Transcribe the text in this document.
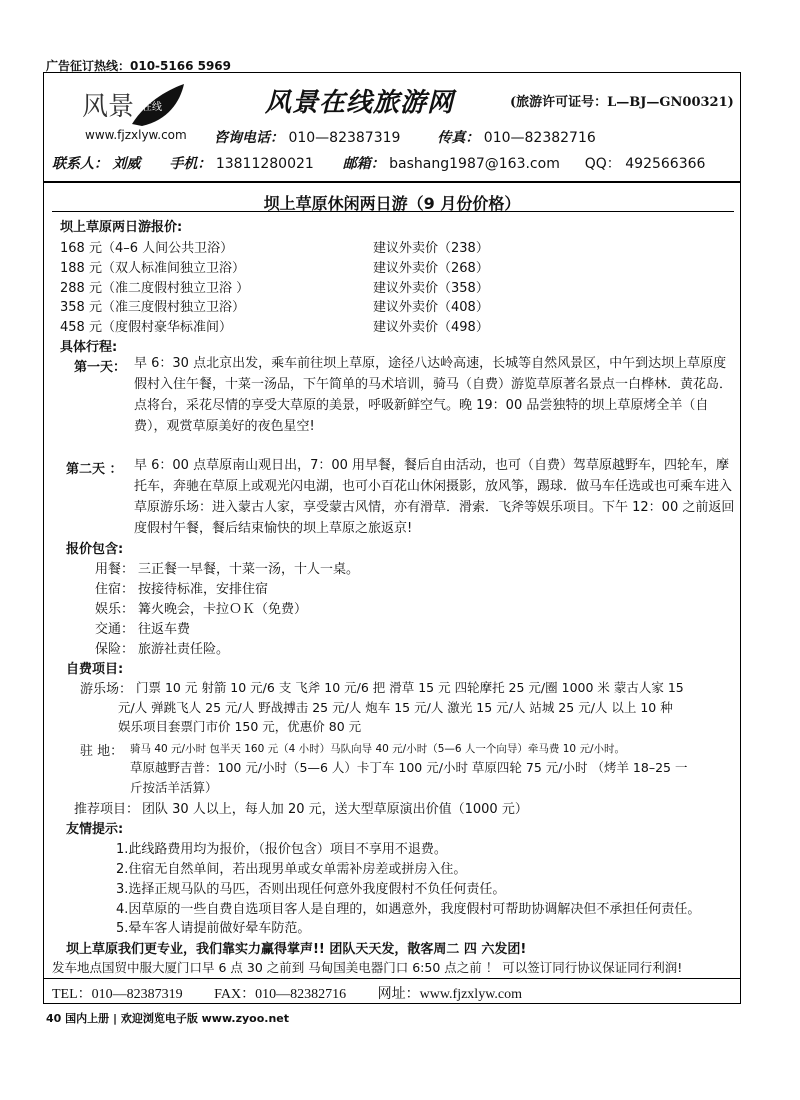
广告征订热线：010-5166 5969
风景 在线
www.fjzxlyw.com
风景在线旅游网	(旅游许可证号：L—BJ—GN00321)
咨询电话： 010—82387319	传真： 010—82382716
联系人： 刘威 手机： 13811280021 邮箱： bashang1987@163.com QQ： 492566366
坝上草原休闲两日游（9 月份价格）
坝上草原两日游报价:
168 元（4–6 人间公共卫浴）	建议外卖价（238）
188 元（双人标准间独立卫浴）	建议外卖价（268）
288 元（准二度假村独立卫浴 ）	建议外卖价（358）
358 元（准三度假村独立卫浴）	建议外卖价（408）
458 元（度假村豪华标准间）	建议外卖价（498）
具体行程:
第一天： 早 6：30 点北京出发，乘车前往坝上草原，途径八达岭高速，长城等自然风景区，中午到达坝上草原度假村入住午餐，十菜一汤品，下午简单的马术培训，骑马（自费）游览草原著名景点一白桦林．黄花岛．点将台，采花尽情的享受大草原的美景，呼吸新鲜空气。晚 19：00 品尝独特的坝上草原烤全羊（自费），观赏草原美好的夜色星空!
第二天 ： 早 6：00 点草原南山观日出，7：00 用早餐，餐后自由活动，也可（自费）驾草原越野车，四轮车，摩托车，奔驰在草原上或观光闪电湖，也可小百花山休闲摄影，放风筝，踢球．做马车任选或也可乘车进入草原游乐场：进入蒙古人家，享受蒙古风情，亦有滑草．滑索．飞斧等娱乐项目。下午 12：00 之前返回度假村午餐，餐后结束愉快的坝上草原之旅返京!
报价包含:
用餐： 三正餐一早餐，十菜一汤，十人一桌。
住宿： 按接待标准，安排住宿
娱乐： 篝火晚会，卡拉ＯＫ（免费）
交通： 往返车费
保险： 旅游社责任险。
自费项目:
游乐场： 门票 10 元 射箭 10 元/6 支 飞斧 10 元/6 把 滑草 15 元 四轮摩托 25 元/圈 1000 米 蒙古人家 15
元/人 弹跳飞人 25 元/人 野战搏击 25 元/人 炮车 15 元/人 激光 15 元/人 站城 25 元/人 以上 10 种
娱乐项目套票门市价 150 元，优惠价 80 元
驻 地： 骑马 40 元/小时 包半天 160 元（4 小时）马队向导 40 元/小时（5—6 人一个向导）牵马费 10 元/小时。
草原越野吉普：100 元/小时（5—6 人）卡丁车 100 元/小时 草原四轮 75 元/小时 （烤羊 18–25 一
斤按活羊活算）
推荐项目： 团队 30 人以上，每人加 20 元，送大型草原演出价值（1000 元）
友情提示:
1.此线路费用均为报价，（报价包含）项目不享用不退费。
2.住宿无自然单间，若出现男单或女单需补房差或拼房入住。
3.选择正规马队的马匹，否则出现任何意外我度假村不负任何责任。
4.因草原的一些自费自选项目客人是自理的，如遇意外，我度假村可帮助协调解决但不承担任何责任。
5.晕车客人请提前做好晕车防范。
坝上草原我们更专业，我们靠实力赢得掌声!! 团队天天发，散客周二 四 六发团!
发车地点国贸中服大厦门口早 6 点 30 之前到 马甸国美电器门口 6:50 点之前 ！ 可以签订同行协议保证同行利润!
TEL：010—82387319 FAX：010—82382716 网址：www.fjzxlyw.com
40 国内上册 | 欢迎浏览电子版 www.zyoo.net
